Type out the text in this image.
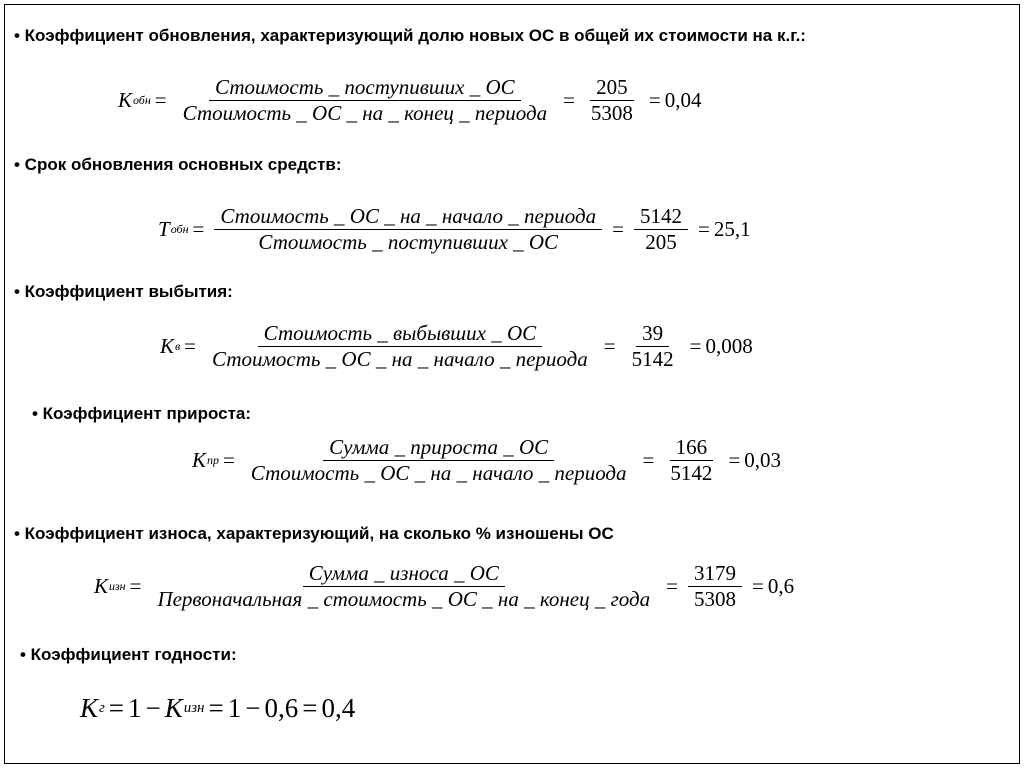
• Коэффициент обновления, характеризующий долю новых ОС в общей их стоимости на к.г.:
К обн = $\frac{\text{Стоимость \_ поступивших \_ ОС}}{\text{Стоимость \_ ОС \_ на \_ конец \_ периода}} = \frac{205}{5308} = 0,04$
• Срок обновления основных средств:
Т обн = $\frac{\text{Стоимость \_ ОС \_ на \_ начало \_ периода}}{\text{Стоимость \_ поступивших \_ ОС}} = \frac{5142}{205} = 25,1$
• Коэффициент выбытия:
К $в = \frac{\text{Стоимость \_ выбывших \_ ОС}}{\text{Стоимость \_ ОС \_ на \_ начало \_ периода}} = \frac{39}{5142} = 0,008$
• Коэффициент прироста:
К пр = $\frac{\text{Сумма \_ прироста \_ ОС}}{\text{Стоимость \_ ОС \_ на \_ начало \_ периода}} = \frac{166}{5142} = 0,03$
• Коэффициент износа, характеризующий, на сколько % изношены ОС
К изн = $\frac{\text{Сумма \_ износа \_ ОС}}{\text{Первоначальная \_ стоимость \_ ОС \_ на \_ конец \_ года}} = \frac{3179}{5308} = 0,6$
• Коэффициент годности:
К г = 1 − К изн = 1 − 0,6 = 0,4
